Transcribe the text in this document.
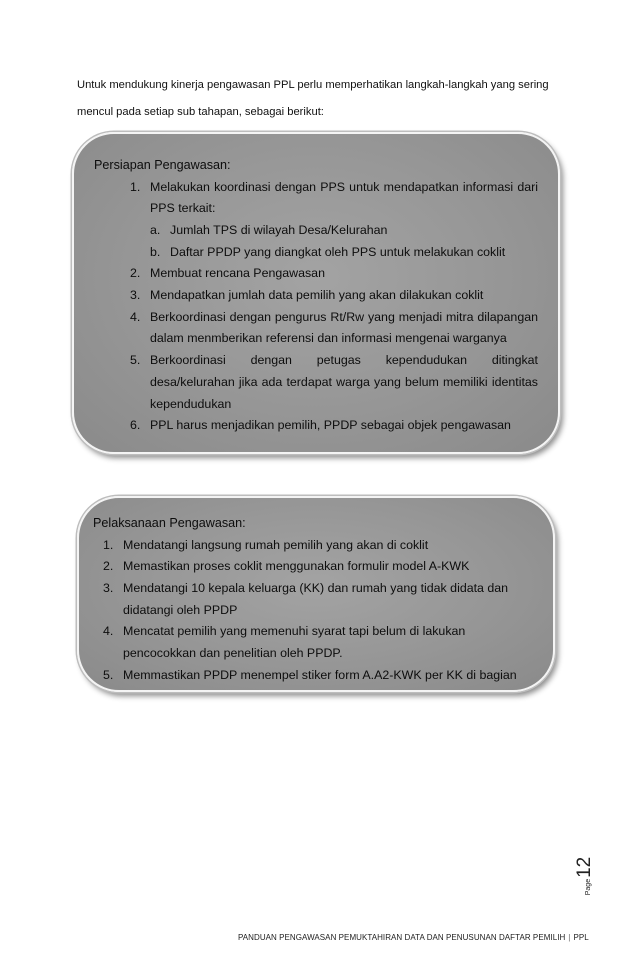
Untuk mendukung kinerja pengawasan PPL perlu memperhatikan langkah-langkah yang sering

mencul pada setiap sub tahapan, sebagai berikut:

Persiapan Pengawasan:

1. Melakukan koordinasi dengan PPS untuk mendapatkan informasi dari PPS terkait:
a. Jumlah TPS di wilayah Desa/Kelurahan
b. Daftar PPDP yang diangkat oleh PPS untuk melakukan coklit
2. Membuat rencana Pengawasan
3. Mendapatkan jumlah data pemilih yang akan dilakukan coklit
4. Berkoordinasi dengan pengurus Rt/Rw yang menjadi mitra dilapangan dalam menmberikan referensi dan informasi mengenai warganya
5. Berkoordinasi dengan petugas kependudukan ditingkat desa/kelurahan jika ada terdapat warga yang belum memiliki identitas kependudukan
6. PPL harus menjadikan pemilih, PPDP sebagai objek pengawasan

Pelaksanaan Pengawasan:

1. Mendatangi langsung rumah pemilih yang akan di coklit
2. Memastikan proses coklit menggunakan formulir model A-KWK
3. Mendatangi 10 kepala keluarga (KK) dan rumah yang tidak didata dan didatangi oleh PPDP
4. Mencatat pemilih yang memenuhi syarat tapi belum di lakukan pencocokkan dan penelitian oleh PPDP.
5. Memmastikan PPDP menempel stiker form A.A2-KWK per KK di bagian
Page
12
PANDUAN PENGAWASAN PEMUKTAHIRAN DATA DAN PENUSUNAN DAFTAR PEMILIH | PPL
